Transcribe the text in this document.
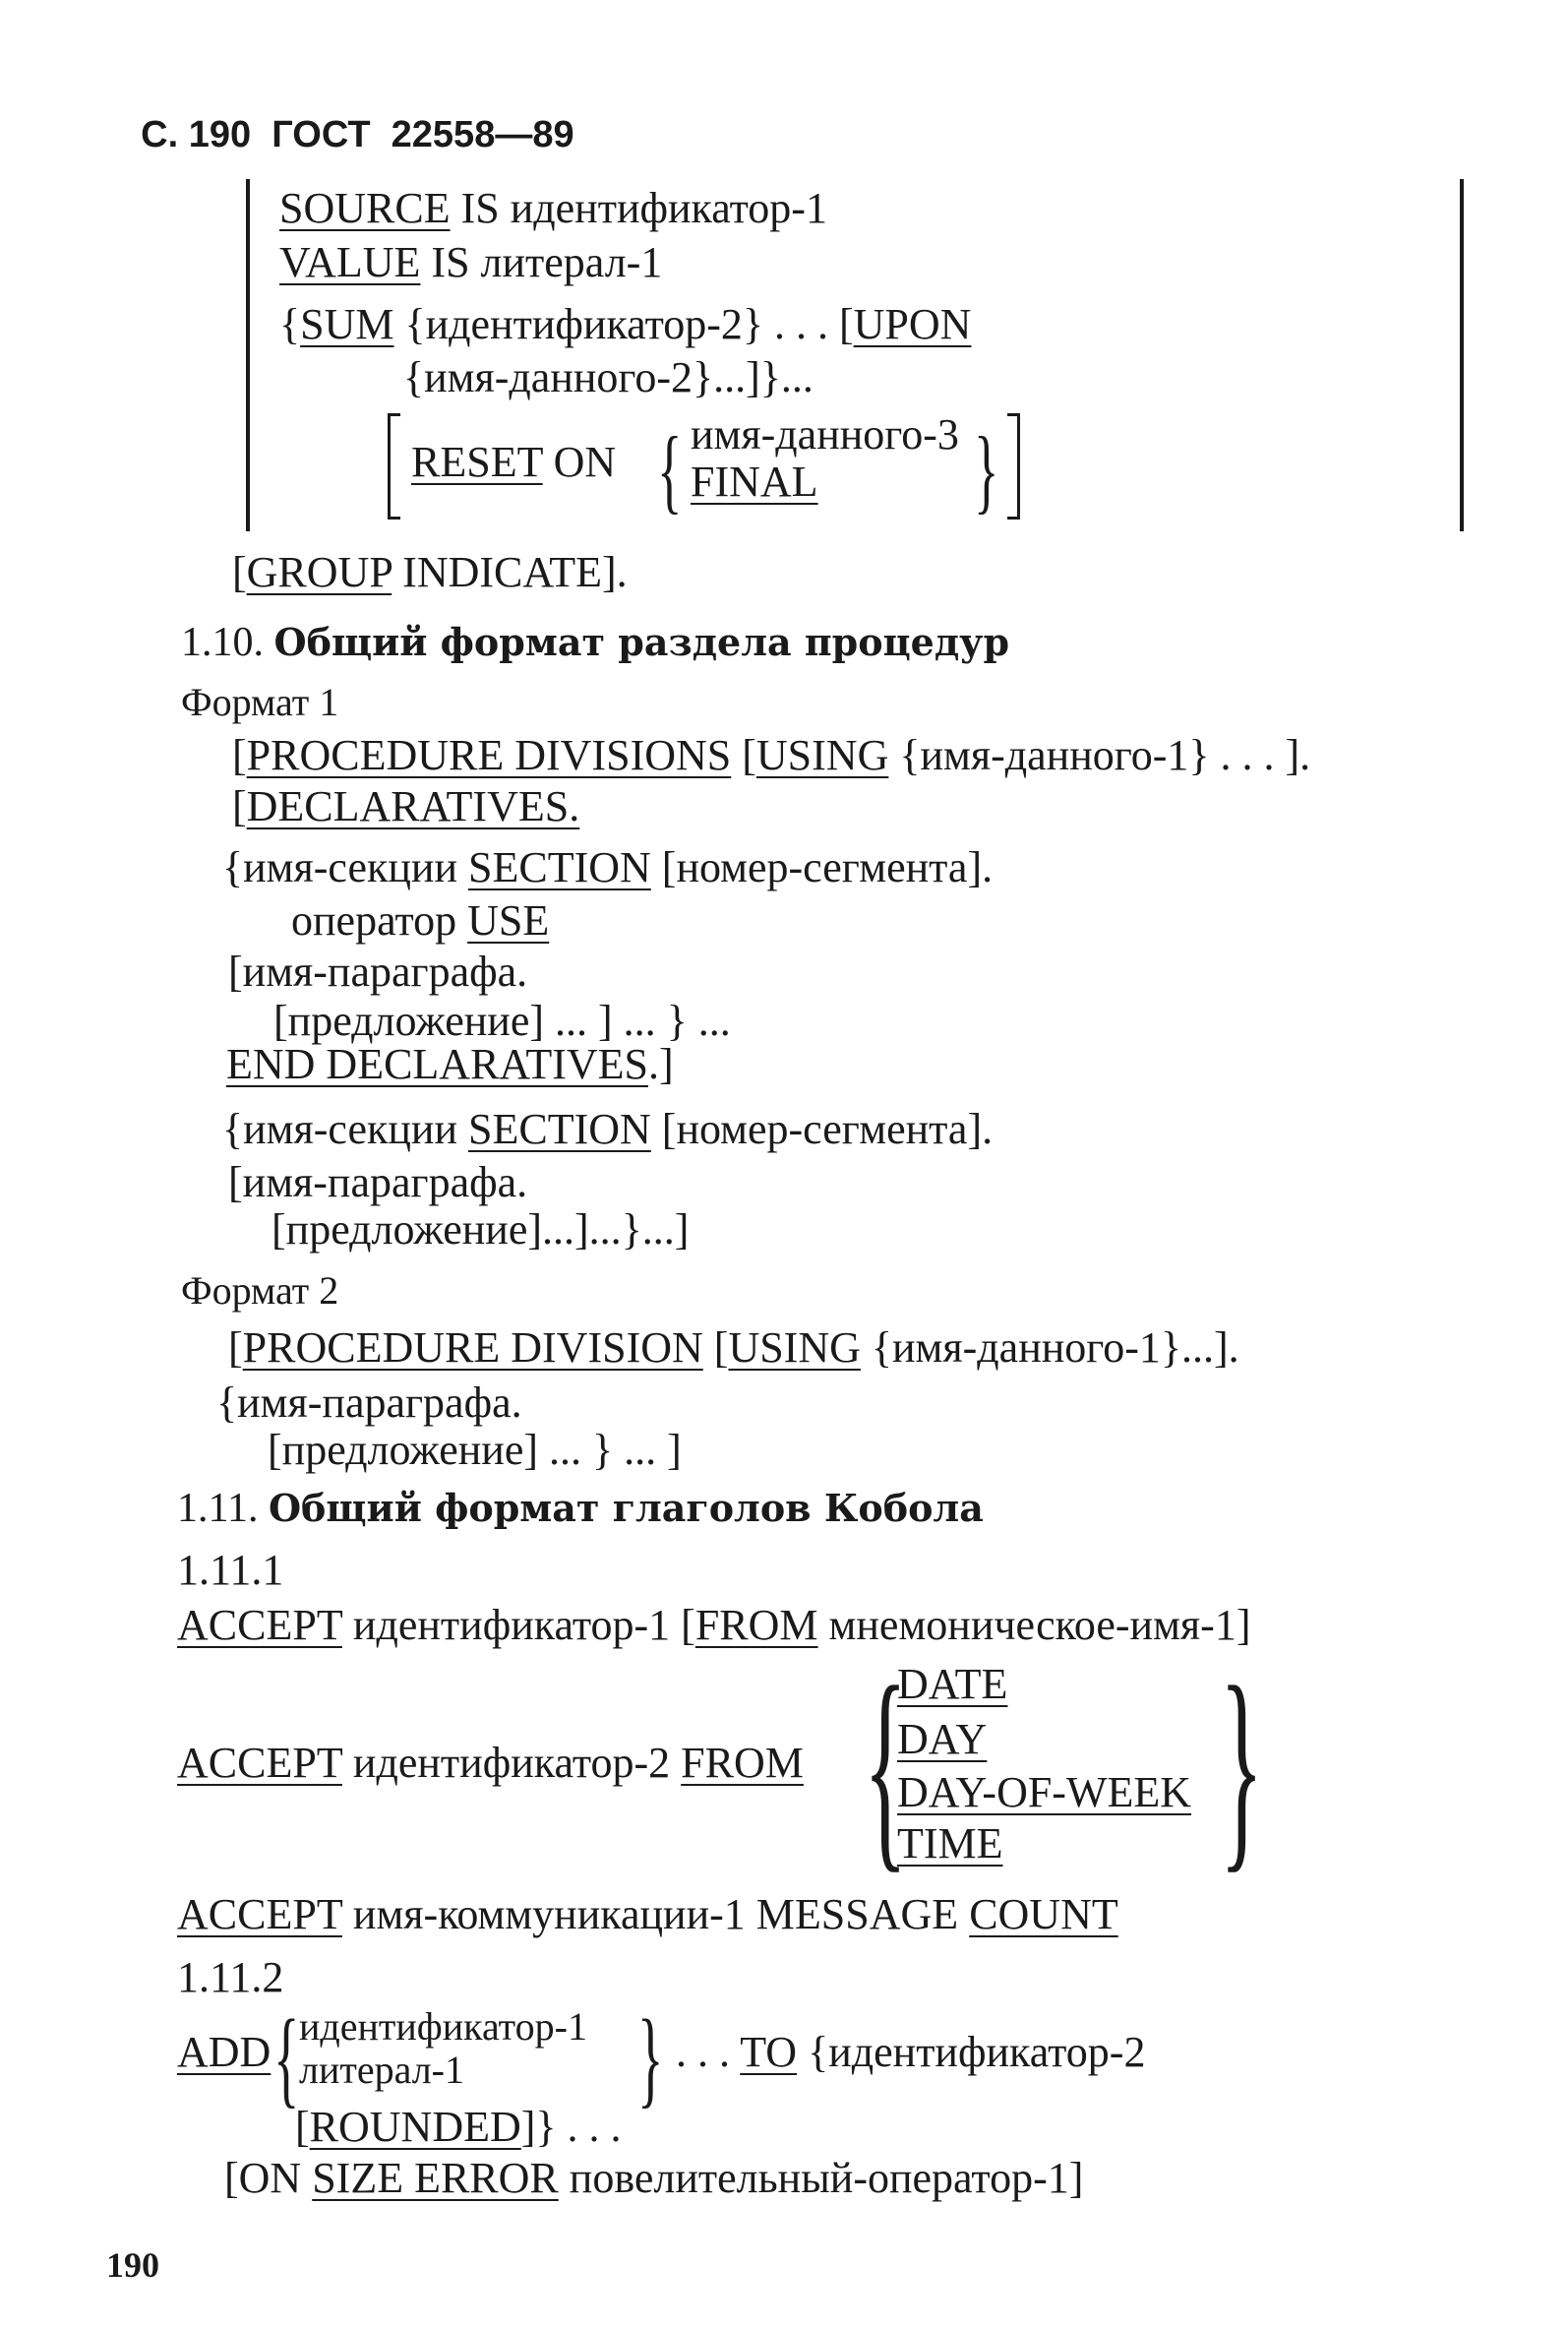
С. 190 ГОСТ 22558—89

SOURCE IS идентификатор-1
VALUE IS литерал-1
{SUM {идентификатор-2} . . . [UPON
{имя-данного-2}...]}...
RESET ON { имя-данного-3
FINAL }
[GROUP INDICATE].
1.10. Общий формат раздела процедур
Формат 1
[PROCEDURE DIVISIONS [USING {имя-данного-1} . . . ].
[DECLARATIVES.
{имя-секции SECTION [номер-сегмента].
оператор USE
[имя-параграфа.
[предложение] ... ] ... } ...
END DECLARATIVES.]
{имя-секции SECTION [номер-сегмента].
[имя-параграфа.
[предложение]...]...}...]
Формат 2
[PROCEDURE DIVISION [USING {имя-данного-1}...].
{имя-параграфа.
[предложение] ... } ... ]
1.11. Общий формат глаголов Кобола
1.11.1
ACCEPT идентификатор-1 [FROM мнемоническое-имя-1]
ACCEPT идентификатор-2 FROM {
DATE
DAY
DAY-OF-WEEK
TIME }
ACCEPT имя-коммуникации-1 MESSAGE COUNT
1.11.2
ADD { идентификатор-1
литерал-1 } . . . TO {идентификатор-2
[ROUNDED]} . . .
[ON SIZE ERROR повелительный-оператор-1]
190
